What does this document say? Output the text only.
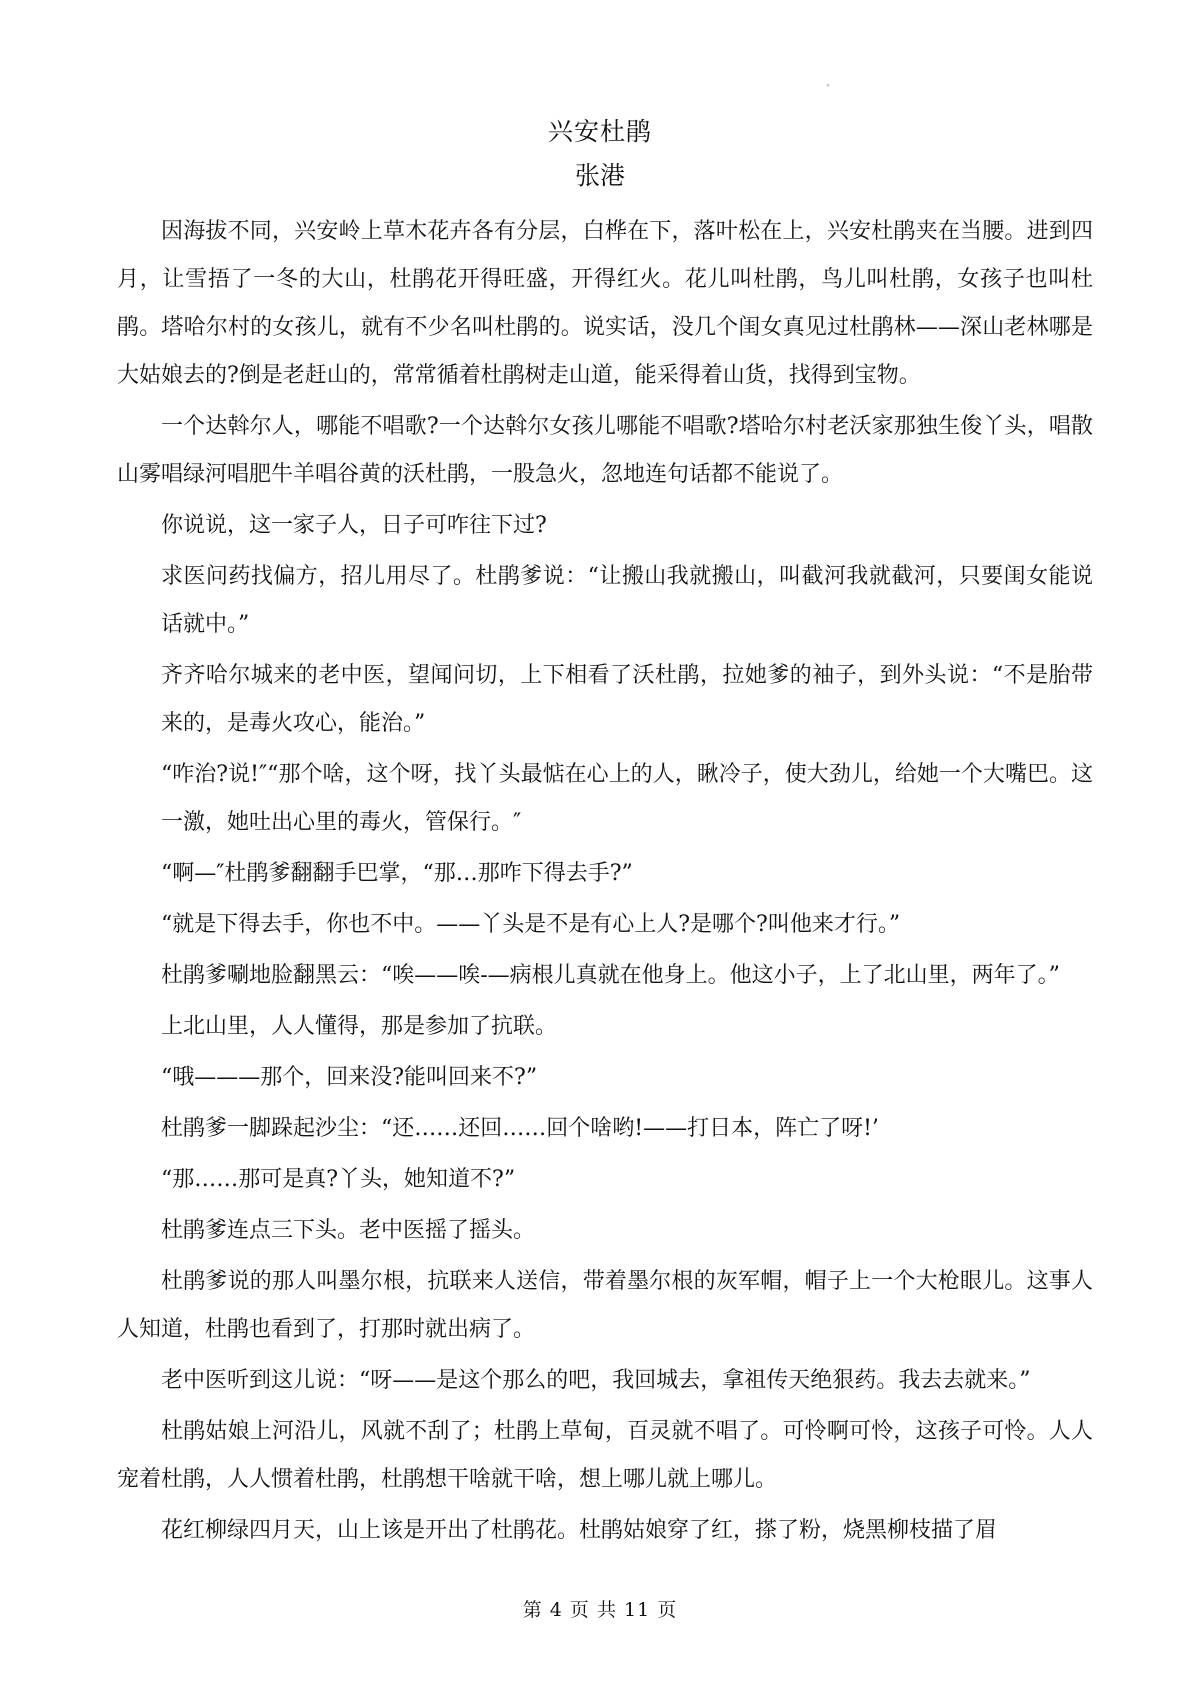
"
兴安杜鹃
张港
因海拔不同，兴安岭上草木花卉各有分层，白桦在下，落叶松在上，兴安杜鹃夹在当腰。进到四月，让雪捂了一冬的大山，杜鹃花开得旺盛，开得红火。花儿叫杜鹃，鸟儿叫杜鹃，女孩子也叫杜鹃。塔哈尔村的女孩儿，就有不少名叫杜鹃的。说实话，没几个闺女真见过杜鹃林——深山老林哪是大姑娘去的?倒是老赶山的，常常循着杜鹃树走山道，能采得着山货，找得到宝物。
一个达斡尔人，哪能不唱歌?一个达斡尔女孩儿哪能不唱歌?塔哈尔村老沃家那独生俊丫头，唱散山雾唱绿河唱肥牛羊唱谷黄的沃杜鹃，一股急火，忽地连句话都不能说了。
你说说，这一家子人，日子可咋往下过?
求医问药找偏方，招儿用尽了。杜鹃爹说：“让搬山我就搬山，叫截河我就截河，只要闺女能说话就中。”
齐齐哈尔城来的老中医，望闻问切，上下相看了沃杜鹃，拉她爹的袖子，到外头说：“不是胎带来的，是毒火攻心，能治。”
“咋治?说!″“那个啥，这个呀，找丫头最惦在心上的人，瞅冷子，使大劲儿，给她一个大嘴巴。这一激，她吐出心里的毒火，管保行。″
“啊—″杜鹃爹翻翻手巴掌，“那…那咋下得去手?”
“就是下得去手，你也不中。——丫头是不是有心上人?是哪个?叫他来才行。”
杜鹃爹唰地脸翻黑云：“唉——唉-—病根儿真就在他身上。他这小子，上了北山里，两年了。”
上北山里，人人懂得，那是参加了抗联。
“哦———那个，回来没?能叫回来不?”
杜鹃爹一脚跺起沙尘：“还……还回……回个啥哟!——打日本，阵亡了呀!’
“那……那可是真?丫头，她知道不?”
杜鹃爹连点三下头。老中医摇了摇头。
杜鹃爹说的那人叫墨尔根，抗联来人送信，带着墨尔根的灰军帽，帽子上一个大枪眼儿。这事人人知道，杜鹃也看到了，打那时就出病了。
老中医听到这儿说：“呀——是这个那么的吧，我回城去，拿祖传天绝狠药。我去去就来。”
杜鹃姑娘上河沿儿，风就不刮了；杜鹃上草甸，百灵就不唱了。可怜啊可怜，这孩子可怜。人人宠着杜鹃，人人惯着杜鹃，杜鹃想干啥就干啥，想上哪儿就上哪儿。
花红柳绿四月天，山上该是开出了杜鹃花。杜鹃姑娘穿了红，搽了粉，烧黑柳枝描了眉
第 4 页 共 11 页
